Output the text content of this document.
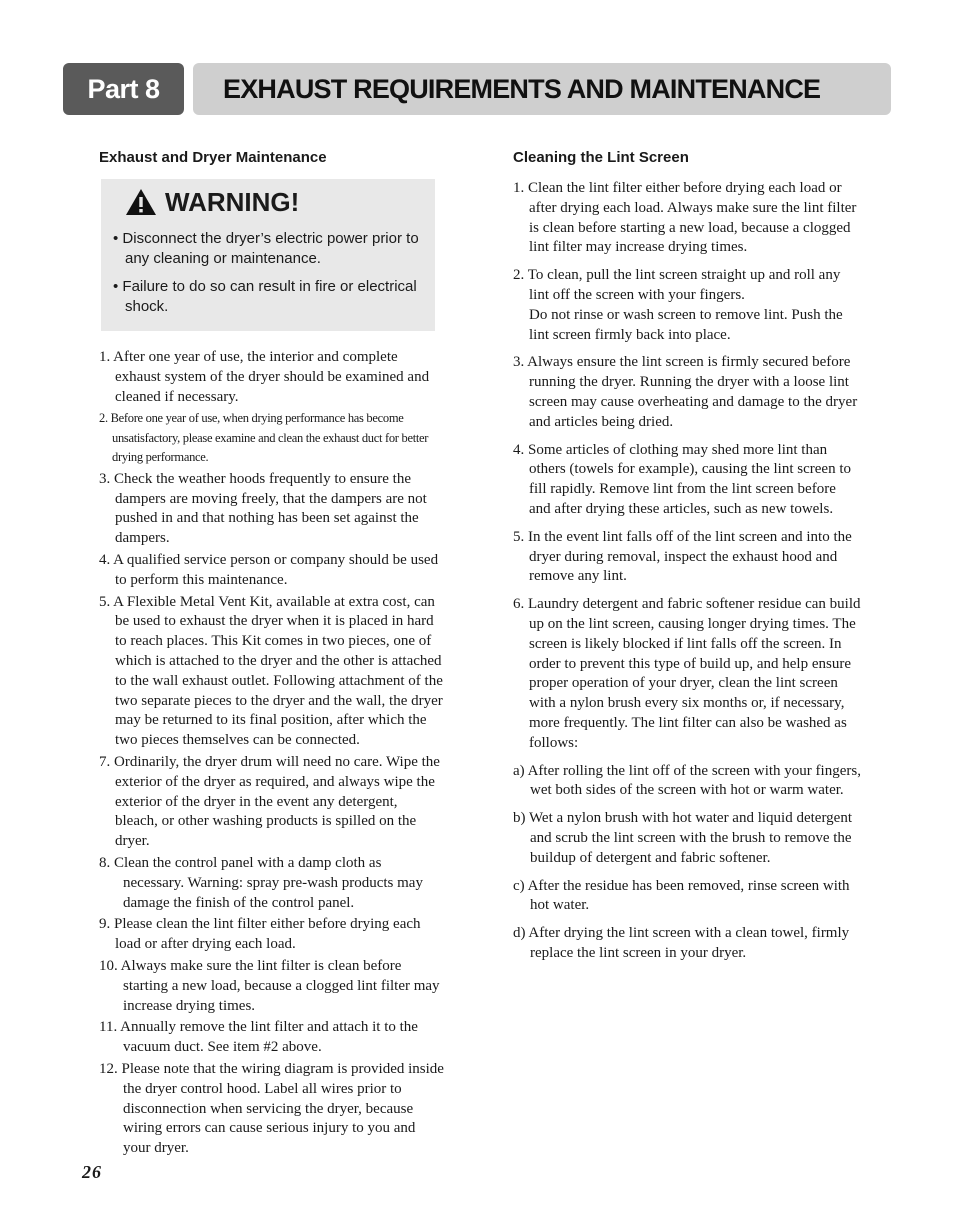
Part 8	EXHAUST REQUIREMENTS AND MAINTENANCE
Exhaust and Dryer Maintenance
WARNING!
• Disconnect the dryer’s electric power prior to any cleaning or maintenance.
• Failure to do so can result in fire or electrical shock.
1. After one year of use, the interior and complete exhaust system of the dryer should be examined and cleaned if necessary.
2. Before one year of use, when drying performance has become unsatisfactory, please examine and clean the exhaust duct for better drying performance.
3. Check the weather hoods frequently to ensure the dampers are moving freely, that the dampers are not pushed in and that nothing has been set against the dampers.
4. A qualified service person or company should be used to perform this maintenance.
5. A Flexible Metal Vent Kit, available at extra cost, can be used to exhaust the dryer when it is placed in hard to reach places. This Kit comes in two pieces, one of which is attached to the dryer and the other is attached to the wall exhaust outlet. Following attachment of the two separate pieces to the dryer and the wall, the dryer may be returned to its final position, after which the two pieces themselves can be connected.
7. Ordinarily, the dryer drum will need no care. Wipe the exterior of the dryer as required, and always wipe the exterior of the dryer in the event any detergent, bleach, or other washing products is spilled on the dryer.
8. Clean the control panel with a damp cloth as necessary. Warning: spray pre-wash products may damage the finish of the control panel.
9. Please clean the lint filter either before drying each load or after drying each load.
10. Always make sure the lint filter is clean before starting a new load, because a clogged lint filter may increase drying times.
11. Annually remove the lint filter and attach it to the vacuum duct. See item #2 above.
12. Please note that the wiring diagram is provided inside the dryer control hood. Label all wires prior to disconnection when servicing the dryer, because wiring errors can cause serious injury to you and your dryer.
Cleaning the Lint Screen
1. Clean the lint filter either before drying each load or after drying each load. Always make sure the lint filter is clean before starting a new load, because a clogged lint filter may increase drying times.
2. To clean, pull the lint screen straight up and roll any lint off the screen with your fingers.
Do not rinse or wash screen to remove lint. Push the lint screen firmly back into place.
3. Always ensure the lint screen is firmly secured before running the dryer. Running the dryer with a loose lint screen may cause overheating and damage to the dryer and articles being dried.
4. Some articles of clothing may shed more lint than others (towels for example), causing the lint screen to fill rapidly. Remove lint from the lint screen before and after drying these articles, such as new towels.
5. In the event lint falls off of the lint screen and into the dryer during removal, inspect the exhaust hood and remove any lint.
6. Laundry detergent and fabric softener residue can build up on the lint screen, causing longer drying times. The screen is likely blocked if lint falls off the screen. In order to prevent this type of build up, and help ensure proper operation of your dryer, clean the lint screen with a nylon brush every six months or, if necessary, more frequently. The lint filter can also be washed as follows:
a) After rolling the lint off of the screen with your fingers, wet both sides of the screen with hot or warm water.
b) Wet a nylon brush with hot water and liquid detergent and scrub the lint screen with the brush to remove the buildup of detergent and fabric softener.
c) After the residue has been removed, rinse screen with hot water.
d) After drying the lint screen with a clean towel, firmly replace the lint screen in your dryer.
26
